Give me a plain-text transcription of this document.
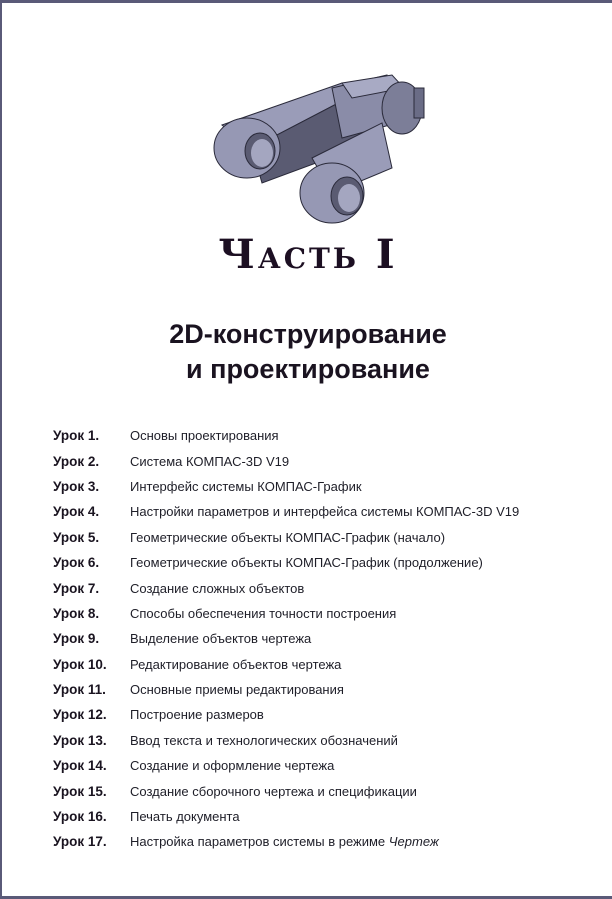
Часть I
2D-конструирование
и проектирование
Урок 1.	Основы проектирования
Урок 2.	Система КОМПАС-3D V19
Урок 3.	Интерфейс системы КОМПАС-График
Урок 4.	Настройки параметров и интерфейса системы КОМПАС-3D V19
Урок 5.	Геометрические объекты КОМПАС-График (начало)
Урок 6.	Геометрические объекты КОМПАС-График (продолжение)
Урок 7.	Создание сложных объектов
Урок 8.	Способы обеспечения точности построения
Урок 9.	Выделение объектов чертежа
Урок 10.	Редактирование объектов чертежа
Урок 11.	Основные приемы редактирования
Урок 12.	Построение размеров
Урок 13.	Ввод текста и технологических обозначений
Урок 14.	Создание и оформление чертежа
Урок 15.	Создание сборочного чертежа и спецификации
Урок 16.	Печать документа
Урок 17.	Настройка параметров системы в режиме Чертеж
